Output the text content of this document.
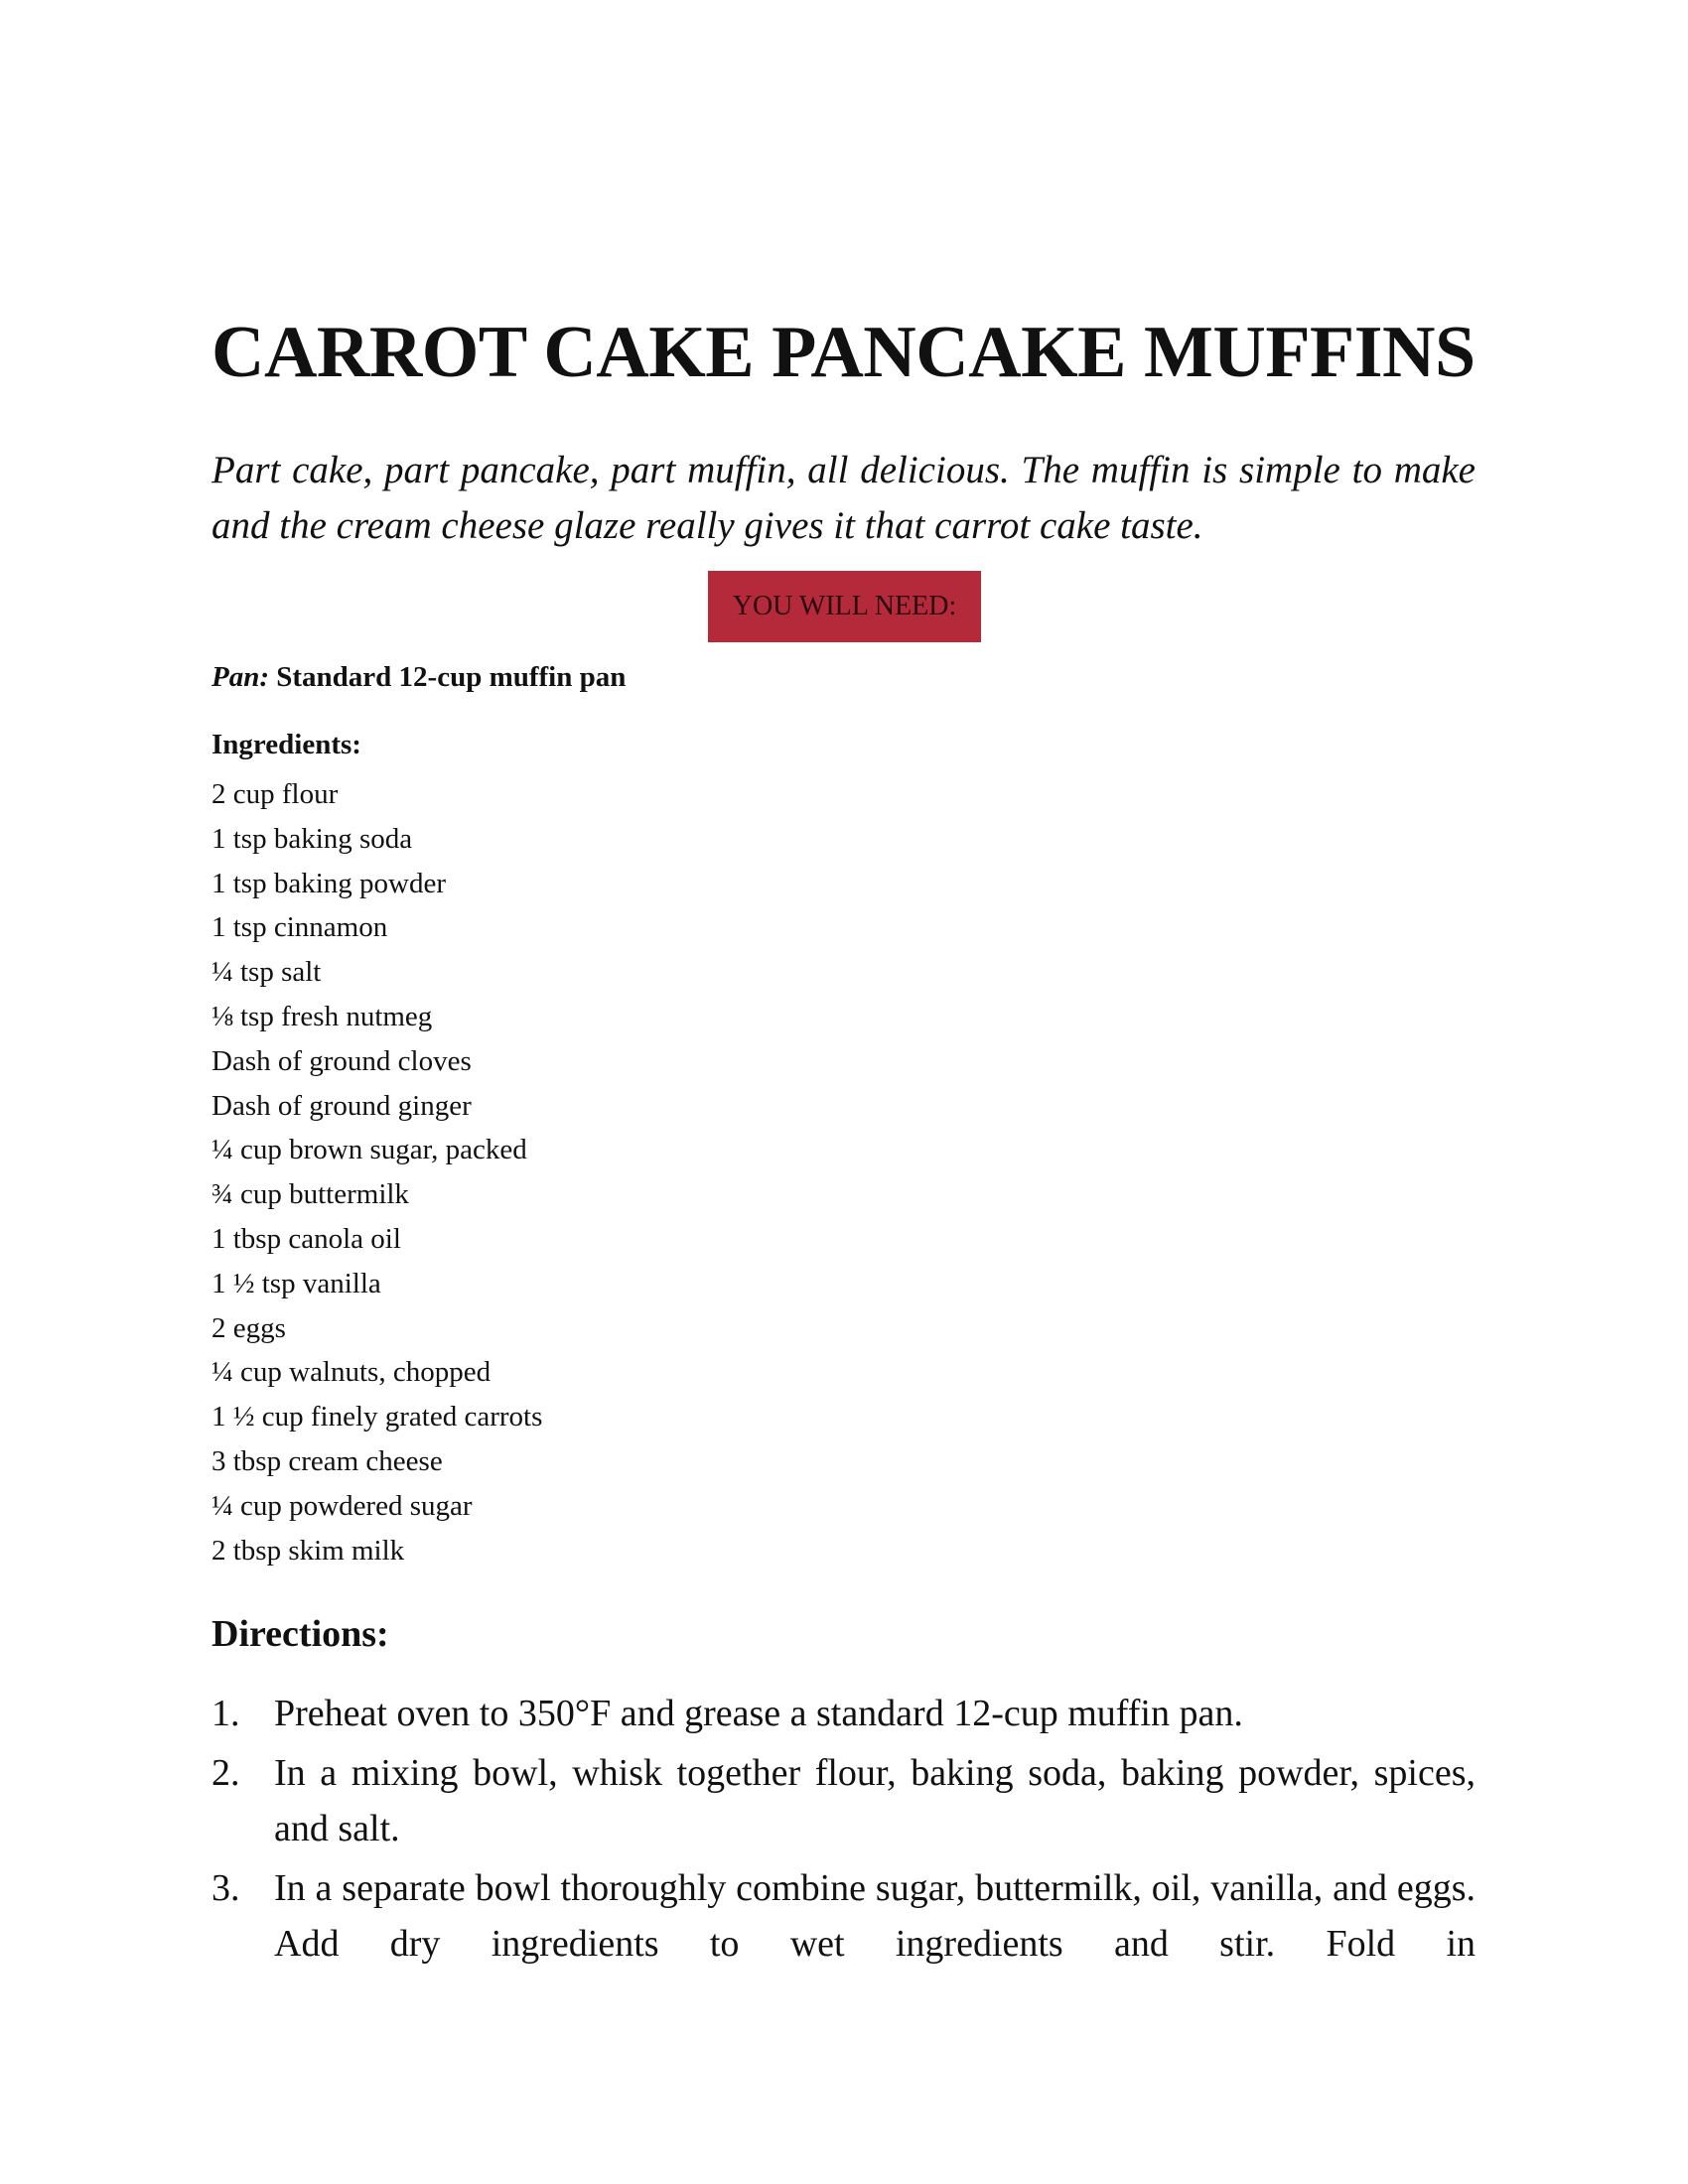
CARROT CAKE PANCAKE MUFFINS

Part cake, part pancake, part muffin, all delicious. The muffin is simple to make and the cream cheese glaze really gives it that carrot cake taste.

YOU WILL NEED:
Pan: Standard 12-cup muffin pan
Ingredients:
2 cup flour
1 tsp baking soda
1 tsp baking powder
1 tsp cinnamon
¼ tsp salt
⅛ tsp fresh nutmeg
Dash of ground cloves
Dash of ground ginger
¼ cup brown sugar, packed
¾ cup buttermilk
1 tbsp canola oil
1 ½ tsp vanilla
2 eggs
¼ cup walnuts, chopped
1 ½ cup finely grated carrots
3 tbsp cream cheese
¼ cup powdered sugar
2 tbsp skim milk
Directions:
1. Preheat oven to 350°F and grease a standard 12-cup muffin pan.
2. In a mixing bowl, whisk together flour, baking soda, baking powder, spices, and salt.
3. In a separate bowl thoroughly combine sugar, buttermilk, oil, vanilla, and eggs. Add dry ingredients to wet ingredients and stir. Fold in
